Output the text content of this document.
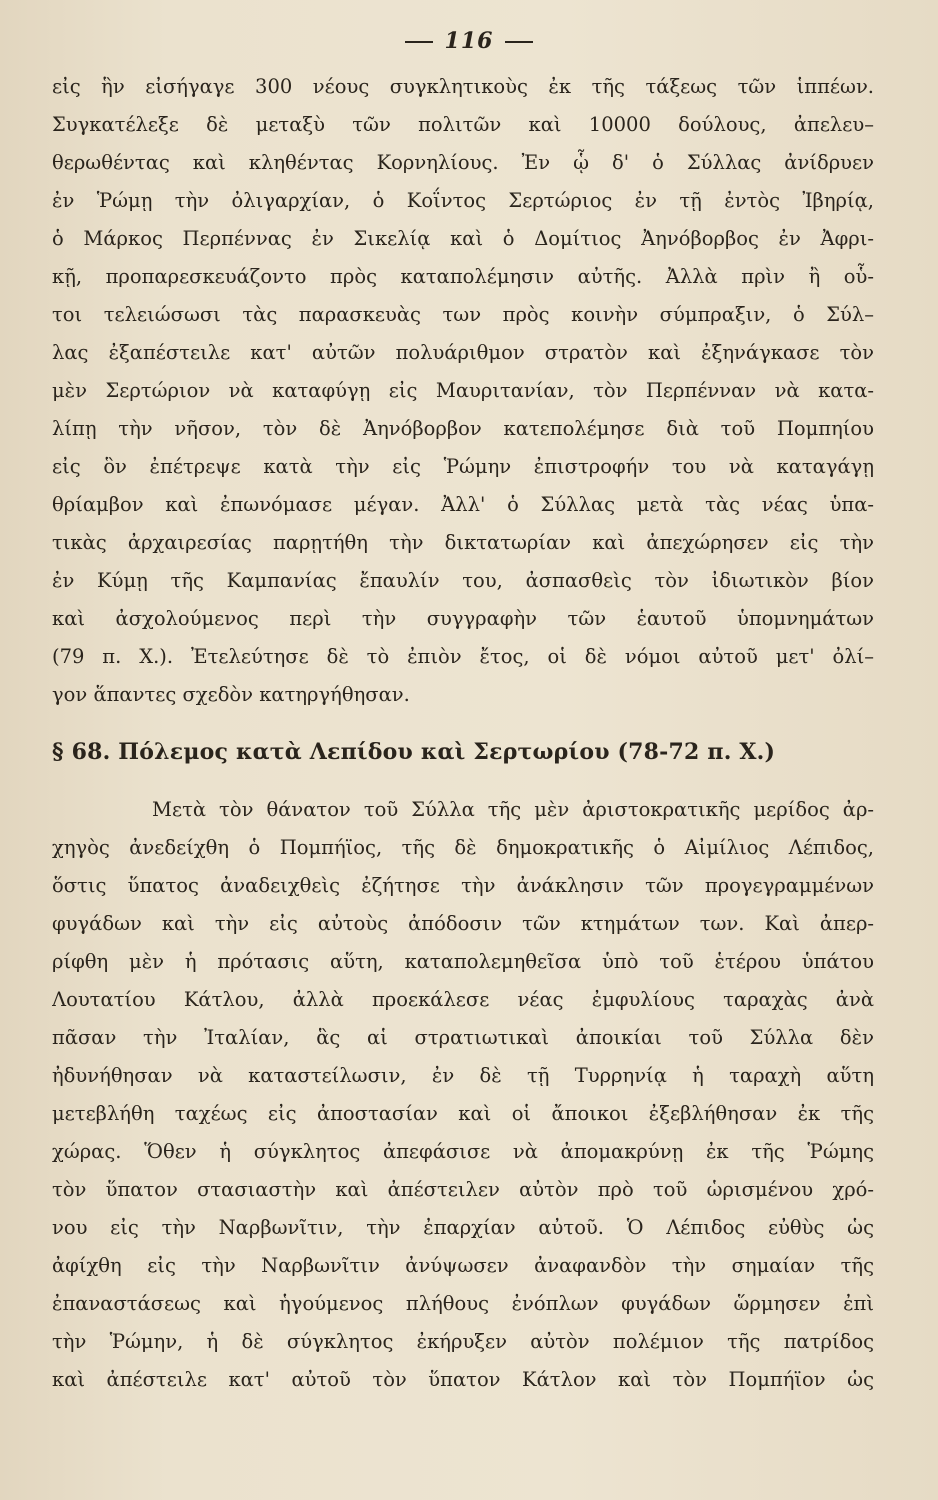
116
εἰς ἣν εἰσήγαγε 300 νέους συγκλητικοὺς ἐκ τῆς τάξεως τῶν ἱππέων.
Συγκατέλεξε δὲ μεταξὺ τῶν πολιτῶν καὶ 10000 δούλους, ἀπελευ–
θερωθέντας καὶ κληθέντας Κορνηλίους. Ἐν ᾧ δ' ὁ Σύλλας ἀνίδρυεν
ἐν Ῥώμῃ τὴν ὀλιγαρχίαν, ὁ Κοΐντος Σερτώριος ἐν τῇ ἐντὸς Ἰβηρίᾳ,
ὁ Μάρκος Περπέννας ἐν Σικελίᾳ καὶ ὁ Δομίτιος Ἀηνόβορβος ἐν Ἀφρι-
κῇ, προπαρεσκευάζοντο πρὸς καταπολέμησιν αὐτῆς. Ἀλλὰ πρὶν ἢ οὗ-
τοι τελειώσωσι τὰς παρασκευὰς των πρὸς κοινὴν σύμπραξιν, ὁ Σύλ–
λας ἐξαπέστειλε κατ' αὐτῶν πολυάριθμον στρατὸν καὶ ἐξηνάγκασε τὸν
μὲν Σερτώριον νὰ καταφύγῃ εἰς Μαυριτανίαν, τὸν Περπένναν νὰ κατα-
λίπῃ τὴν νῆσον, τὸν δὲ Ἀηνόβορβον κατεπολέμησε διὰ τοῦ Πομπηίου
εἰς ὃν ἐπέτρεψε κατὰ τὴν εἰς Ῥώμην ἐπιστροφήν του νὰ καταγάγῃ
θρίαμβον καὶ ἐπωνόμασε μέγαν. Ἀλλ' ὁ Σύλλας μετὰ τὰς νέας ὑπα-
τικὰς ἀρχαιρεσίας παρῃτήθη τὴν δικτατωρίαν καὶ ἀπεχώρησεν εἰς τὴν
ἐν Κύμῃ τῆς Καμπανίας ἔπαυλίν του, ἀσπασθεὶς τὸν ἰδιωτικὸν βίον
καὶ ἀσχολούμενος περὶ τὴν συγγραφὴν τῶν ἑαυτοῦ ὑπομνημάτων
(79 π. Χ.). Ἐτελεύτησε δὲ τὸ ἐπιὸν ἔτος, οἱ δὲ νόμοι αὐτοῦ μετ' ὀλί–
γον ἅπαντες σχεδὸν κατηργήθησαν.
§ 68. Πόλεμος κατὰ Λεπίδου καὶ Σερτωρίου (78-72 π. Χ.)
Μετὰ τὸν θάνατον τοῦ Σύλλα τῆς μὲν ἀριστοκρατικῆς μερίδος ἀρ-
χηγὸς ἀνεδείχθη ὁ Πομπήϊος, τῆς δὲ δημοκρατικῆς ὁ Αἰμίλιος Λέπιδος,
ὅστις ὕπατος ἀναδειχθεὶς ἐζήτησε τὴν ἀνάκλησιν τῶν προγεγραμμένων
φυγάδων καὶ τὴν εἰς αὐτοὺς ἀπόδοσιν τῶν κτημάτων των. Καὶ ἀπερ-
ρίφθη μὲν ἡ πρότασις αὕτη, καταπολεμηθεῖσα ὑπὸ τοῦ ἑτέρου ὑπάτου
Λουτατίου Κάτλου, ἀλλὰ προεκάλεσε νέας ἐμφυλίους ταραχὰς ἀνὰ
πᾶσαν τὴν Ἰταλίαν, ἃς αἱ στρατιωτικαὶ ἀποικίαι τοῦ Σύλλα δὲν
ἠδυνήθησαν νὰ καταστείλωσιν, ἐν δὲ τῇ Τυρρηνίᾳ ἡ ταραχὴ αὕτη
μετεβλήθη ταχέως εἰς ἀποστασίαν καὶ οἱ ἄποικοι ἐξεβλήθησαν ἐκ τῆς
χώρας. Ὅθεν ἡ σύγκλητος ἀπεφάσισε νὰ ἀπομακρύνῃ ἐκ τῆς Ῥώμης
τὸν ὕπατον στασιαστὴν καὶ ἀπέστειλεν αὐτὸν πρὸ τοῦ ὡρισμένου χρό-
νου εἰς τὴν Ναρβωνῖτιν, τὴν ἐπαρχίαν αὐτοῦ. Ὁ Λέπιδος εὐθὺς ὡς
ἀφίχθη εἰς τὴν Ναρβωνῖτιν ἀνύψωσεν ἀναφανδὸν τὴν σημαίαν τῆς
ἐπαναστάσεως καὶ ἡγούμενος πλήθους ἐνόπλων φυγάδων ὥρμησεν ἐπὶ
τὴν Ῥώμην, ἡ δὲ σύγκλητος ἐκήρυξεν αὐτὸν πολέμιον τῆς πατρίδος
καὶ ἀπέστειλε κατ' αὐτοῦ τὸν ὕπατον Κάτλον καὶ τὸν Πομπήϊον ὡς
